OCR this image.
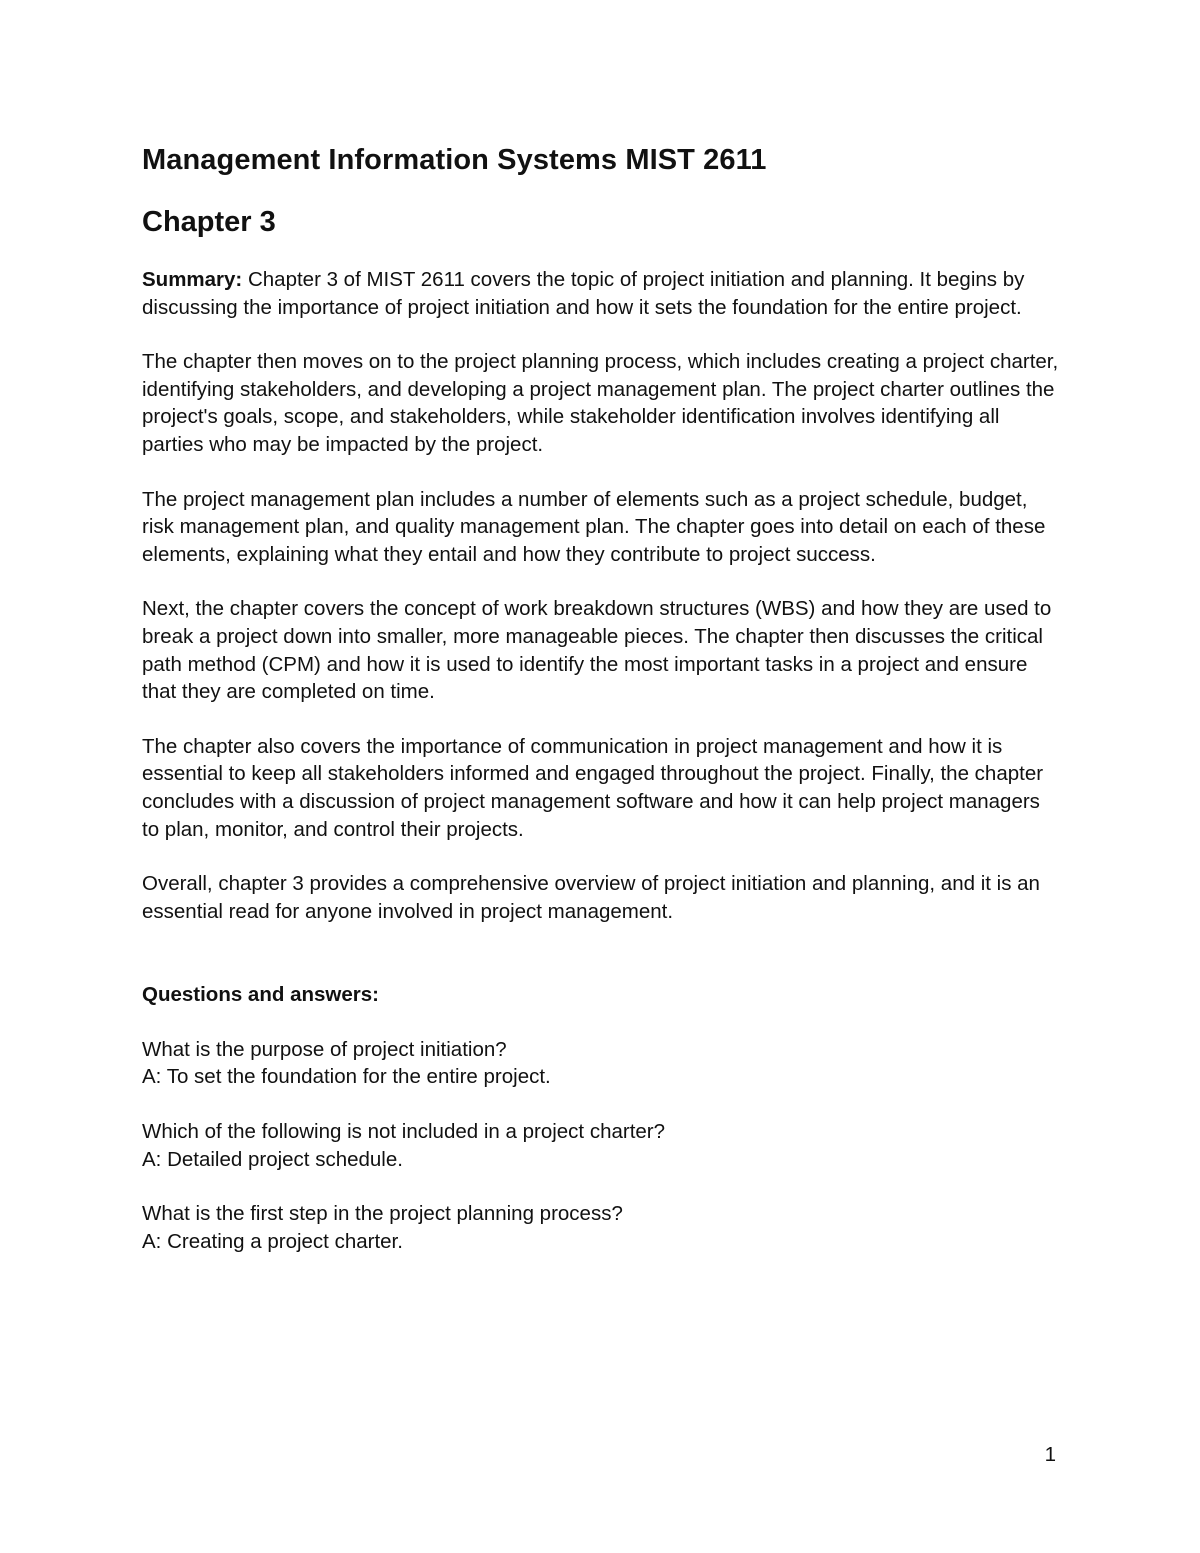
Management Information Systems MIST 2611
Chapter 3

Summary: Chapter 3 of MIST 2611 covers the topic of project initiation and planning. It begins by discussing the importance of project initiation and how it sets the foundation for the entire project.

The chapter then moves on to the project planning process, which includes creating a project charter, identifying stakeholders, and developing a project management plan. The project charter outlines the project's goals, scope, and stakeholders, while stakeholder identification involves identifying all parties who may be impacted by the project.

The project management plan includes a number of elements such as a project schedule, budget, risk management plan, and quality management plan. The chapter goes into detail on each of these elements, explaining what they entail and how they contribute to project success.

Next, the chapter covers the concept of work breakdown structures (WBS) and how they are used to break a project down into smaller, more manageable pieces. The chapter then discusses the critical path method (CPM) and how it is used to identify the most important tasks in a project and ensure that they are completed on time.

The chapter also covers the importance of communication in project management and how it is essential to keep all stakeholders informed and engaged throughout the project. Finally, the chapter concludes with a discussion of project management software and how it can help project managers to plan, monitor, and control their projects.

Overall, chapter 3 provides a comprehensive overview of project initiation and planning, and it is an essential read for anyone involved in project management.

Questions and answers:
What is the purpose of project initiation?
A: To set the foundation for the entire project.
Which of the following is not included in a project charter?
A: Detailed project schedule.
What is the first step in the project planning process?
A: Creating a project charter.
1
